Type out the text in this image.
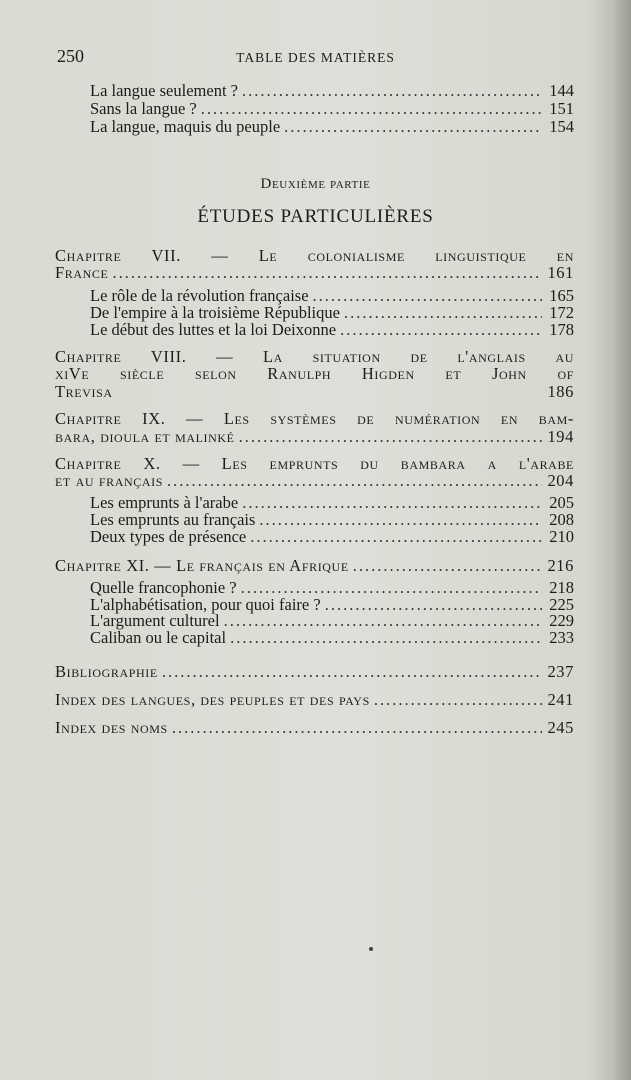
250	TABLE DES MATIÈRES
La langue seulement ? .....	144
Sans la langue ? .....	151
La langue, maquis du peuple .....	154
Deuxième partie
ÉTUDES PARTICULIÈRES
Chapitre VII. — Le colonialisme linguistique en
France .....	161
Le rôle de la révolution française .....	165
De l'empire à la troisième République .....	172
Le début des luttes et la loi Deixonne .....	178
Chapitre VIII. — La situation de l'anglais au
xiVe siècle selon Ranulph Higden et John of
Trevisa	186
Chapitre IX. — Les systèmes de numération en bam-
bara, dioula et malinké .....	194
Chapitre X. — Les emprunts du bambara a l'arabe
et au français .....	204
Les emprunts à l'arabe .....	205
Les emprunts au français .....	208
Deux types de présence .....	210
Chapitre XI. — Le français en Afrique .....	216
Quelle francophonie ? .....	218
L'alphabétisation, pour quoi faire ? .....	225
L'argument culturel .....	229
Caliban ou le capital .....	233
Bibliographie .....	237
Index des langues, des peuples et des pays .....	241
Index des noms .....	245
